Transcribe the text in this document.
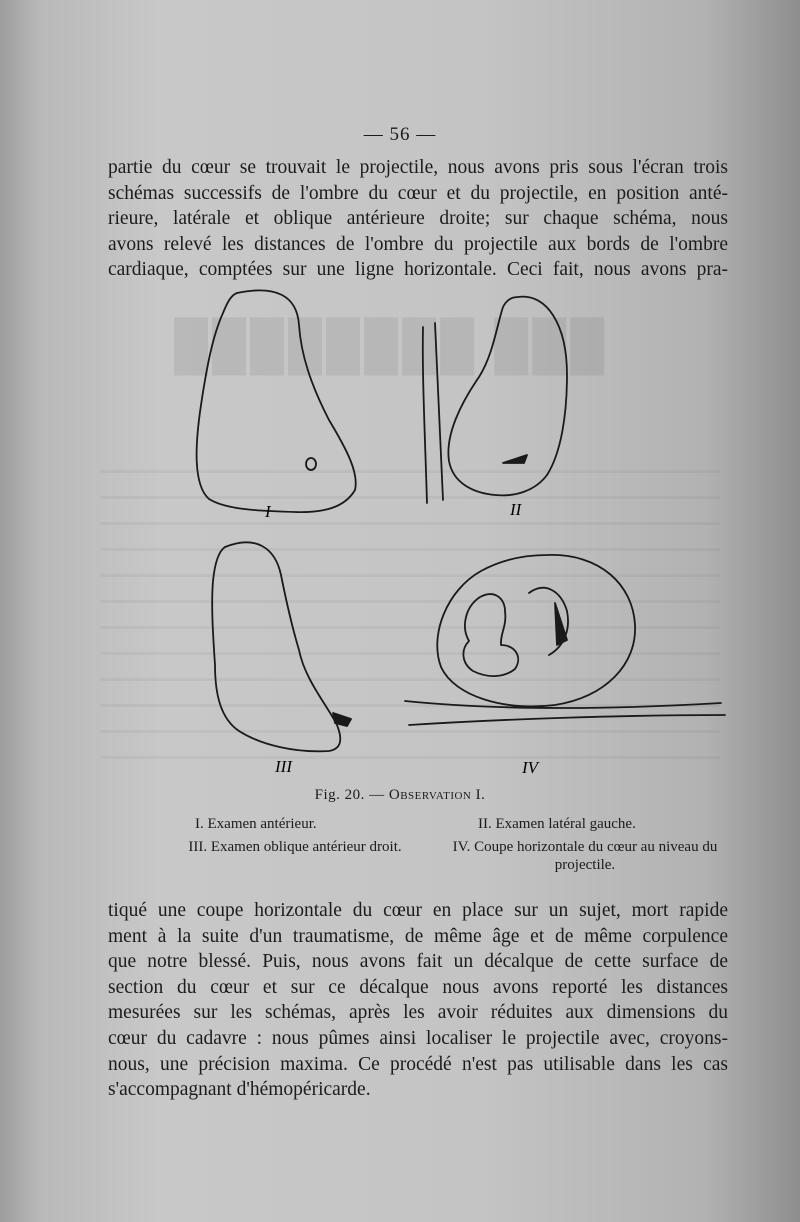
███ ████████
— 56 —
partie du cœur se trouvait le projectile, nous avons pris sous l'écran trois
schémas successifs de l'ombre du cœur et du projectile, en position anté-
rieure, latérale et oblique antérieure droite; sur chaque schéma, nous
avons relevé les distances de l'ombre du projectile aux bords de l'ombre
cardiaque, comptées sur une ligne horizontale. Ceci fait, nous avons pra-
I	II
III	IV
Fig. 20. — Observation I.
I. Examen antérieur.	II. Examen latéral gauche.
III. Examen oblique antérieur droit.	IV. Coupe horizontale du cœur au niveau du projectile.
tiqué une coupe horizontale du cœur en place sur un sujet, mort rapide
ment à la suite d'un traumatisme, de même âge et de même corpulence
que notre blessé. Puis, nous avons fait un décalque de cette surface de
section du cœur et sur ce décalque nous avons reporté les distances
mesurées sur les schémas, après les avoir réduites aux dimensions du
cœur du cadavre : nous pûmes ainsi localiser le projectile avec, croyons-
nous, une précision maxima. Ce procédé n'est pas utilisable dans les cas
s'accompagnant d'hémopéricarde.
